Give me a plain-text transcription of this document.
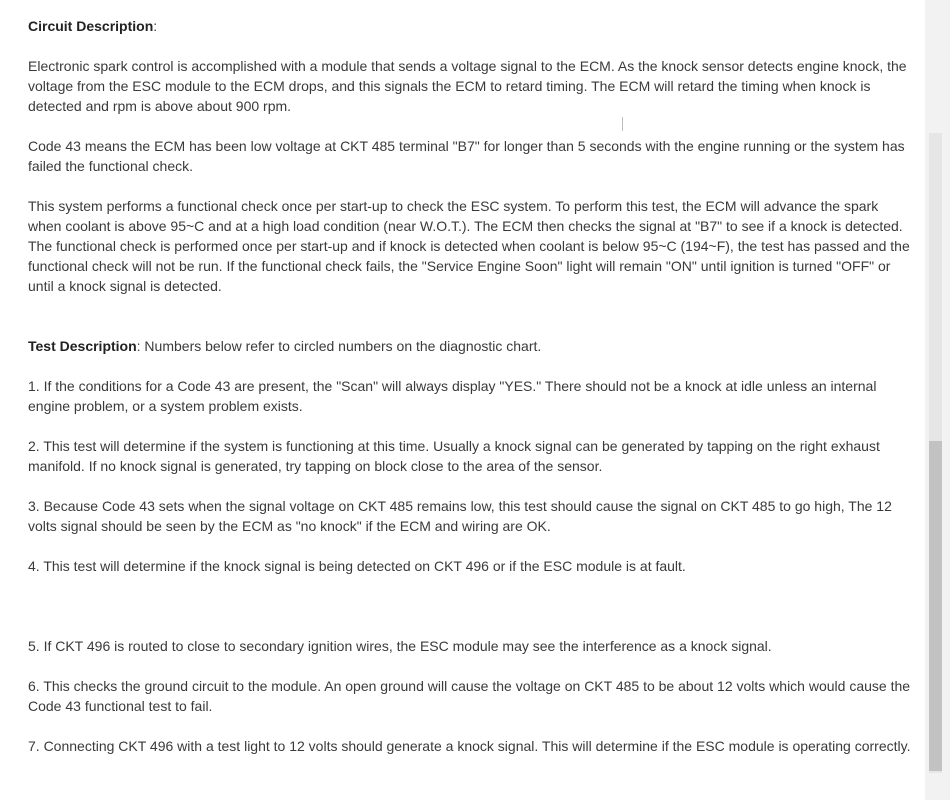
Circuit Description:
Electronic spark control is accomplished with a module that sends a voltage signal to the ECM. As the knock sensor detects engine knock, the voltage from the ESC module to the ECM drops, and this signals the ECM to retard timing. The ECM will retard the timing when knock is detected and rpm is above about 900 rpm.
Code 43 means the ECM has been low voltage at CKT 485 terminal "B7" for longer than 5 seconds with the engine running or the system has failed the functional check.
This system performs a functional check once per start-up to check the ESC system. To perform this test, the ECM will advance the spark when coolant is above 95~C and at a high load condition (near W.O.T.). The ECM then checks the signal at "B7" to see if a knock is detected. The functional check is performed once per start-up and if knock is detected when coolant is below 95~C (194~F), the test has passed and the functional check will not be run. If the functional check fails, the "Service Engine Soon" light will remain "ON" until ignition is turned "OFF" or until a knock signal is detected.
Test Description: Numbers below refer to circled numbers on the diagnostic chart.
1. If the conditions for a Code 43 are present, the "Scan" will always display "YES." There should not be a knock at idle unless an internal engine problem, or a system problem exists.
2. This test will determine if the system is functioning at this time. Usually a knock signal can be generated by tapping on the right exhaust manifold. If no knock signal is generated, try tapping on block close to the area of the sensor.
3. Because Code 43 sets when the signal voltage on CKT 485 remains low, this test should cause the signal on CKT 485 to go high, The 12 volts signal should be seen by the ECM as "no knock" if the ECM and wiring are OK.
4. This test will determine if the knock signal is being detected on CKT 496 or if the ESC module is at fault.
5. If CKT 496 is routed to close to secondary ignition wires, the ESC module may see the interference as a knock signal.
6. This checks the ground circuit to the module. An open ground will cause the voltage on CKT 485 to be about 12 volts which would cause the Code 43 functional test to fail.
7. Connecting CKT 496 with a test light to 12 volts should generate a knock signal. This will determine if the ESC module is operating correctly.
